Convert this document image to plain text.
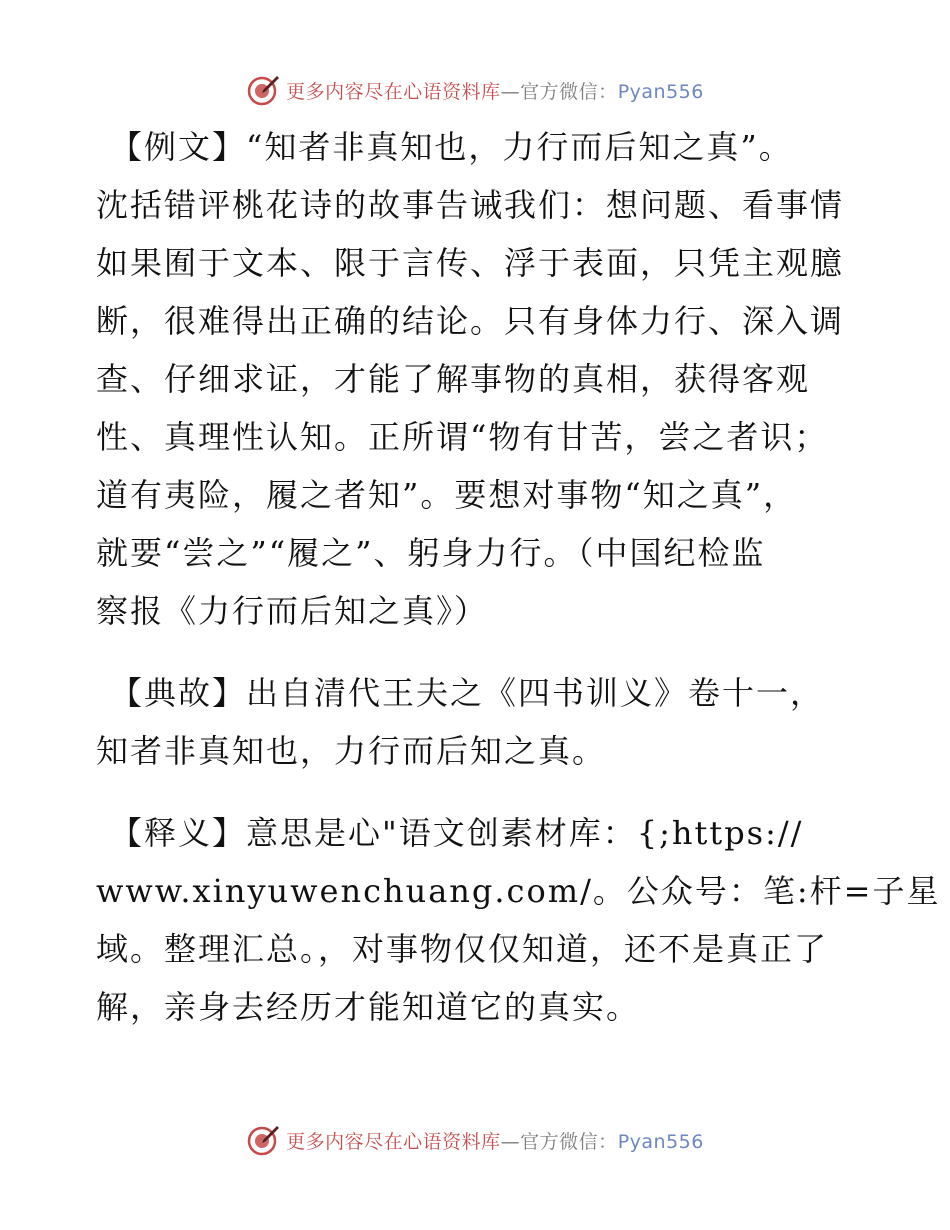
更多内容尽在心语资料库—官方微信：Pyan556

【例文】“知者非真知也，力行而后知之真”。
沈括错评桃花诗的故事告诫我们：想问题、看事情
如果囿于文本、限于言传、浮于表面，只凭主观臆
断，很难得出正确的结论。只有身体力行、深入调
查、仔细求证，才能了解事物的真相，获得客观
性、真理性认知。正所谓“物有甘苦，尝之者识；
道有夷险，履之者知”。要想对事物“知之真”，
就要“尝之”“履之”、躬身力行。（中国纪检监
察报《力行而后知之真》）

【典故】出自清代王夫之《四书训义》卷十一，
知者非真知也，力行而后知之真。

【释义】意思是心"语文创素材库：{;https://
www.xinyuwenchuang.com/。公众号：笔:杆=子星
域。整理汇总。，对事物仅仅知道，还不是真正了
解，亲身去经历才能知道它的真实。

更多内容尽在心语资料库—官方微信：Pyan556
